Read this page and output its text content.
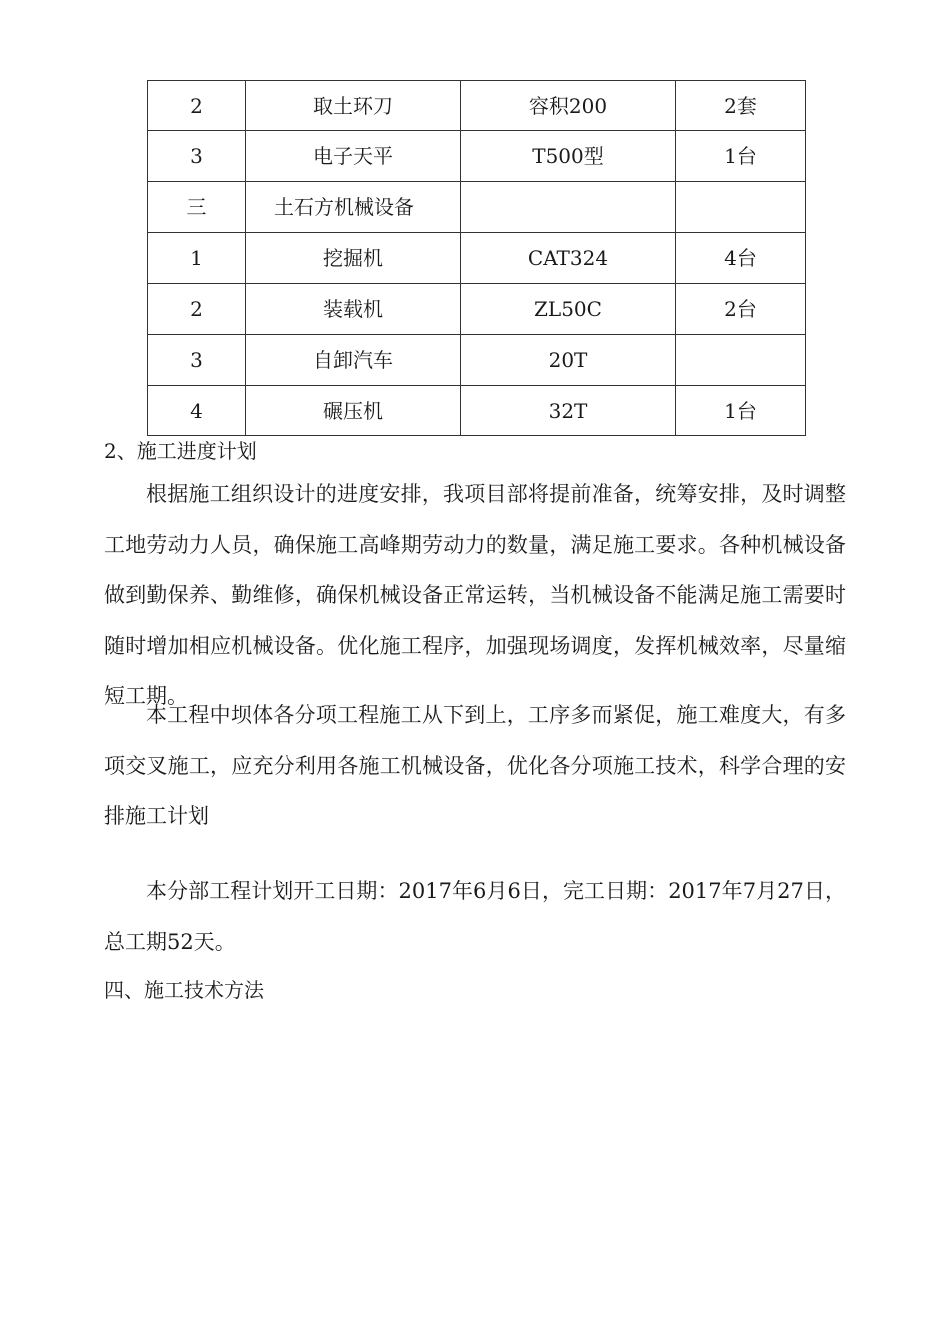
2	取土环刀	容积200	2套
3	电子天平	T500型	1台
三	土石方机械设备		
1	挖掘机	CAT324	4台
2	装载机	ZL50C	2台
3	自卸汽车	20T	
4	碾压机	32T	1台
2、施工进度计划

根据施工组织设计的进度安排，我项目部将提前准备，统筹安排，及时调整工地劳动力人员，确保施工高峰期劳动力的数量，满足施工要求。各种机械设备做到勤保养、勤维修，确保机械设备正常运转，当机械设备不能满足施工需要时随时增加相应机械设备。优化施工程序，加强现场调度，发挥机械效率，尽量缩短工期。

本工程中坝体各分项工程施工从下到上，工序多而紧促，施工难度大，有多项交叉施工，应充分利用各施工机械设备，优化各分项施工技术，科学合理的安排施工计划

本分部工程计划开工日期：2017年6月6日，完工日期：2017年7月27日，总工期52天。

四、施工技术方法
